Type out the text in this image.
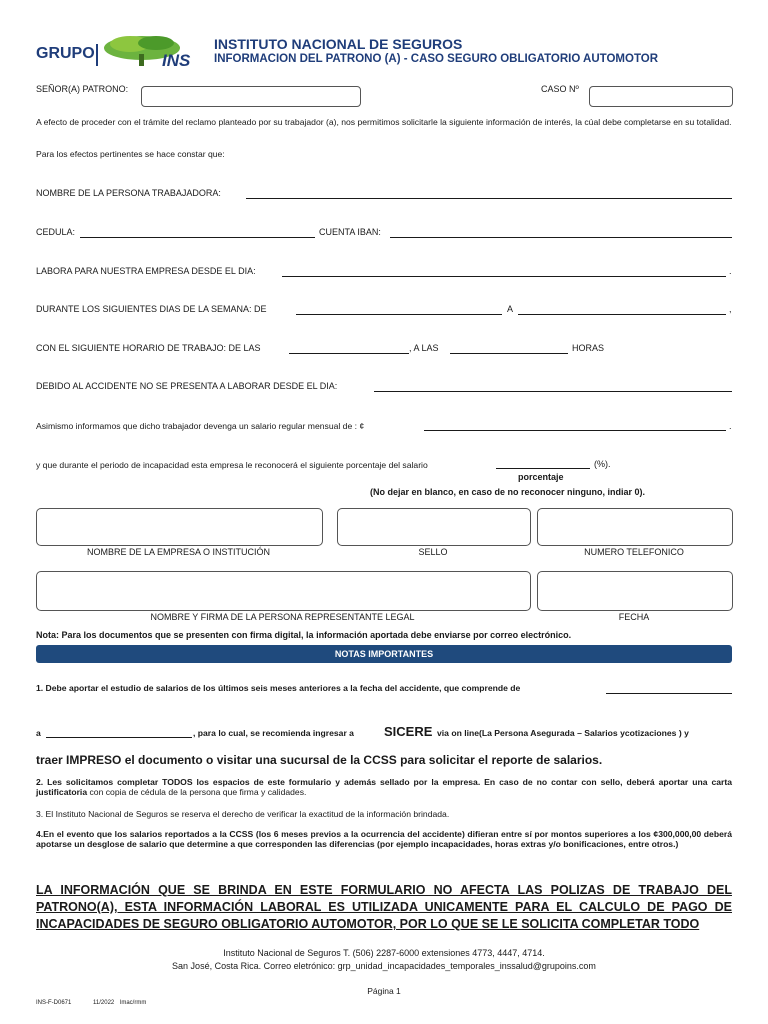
GRUPO	INS
INSTITUTO NACIONAL DE SEGUROS
INFORMACION DEL PATRONO (A) - CASO SEGURO OBLIGATORIO AUTOMOTOR
SEÑOR(A) PATRONO:	CASO Nº
A efecto de proceder con el trámite del reclamo planteado por su trabajador (a), nos permitimos solicitarle la siguiente información de interés, la cúal debe completarse en su totalidad.
Para los efectos pertinentes se hace constar que:
NOMBRE DE LA PERSONA TRABAJADORA:
CEDULA:	CUENTA IBAN:
LABORA PARA NUESTRA EMPRESA DESDE EL DIA:	.
DURANTE LOS SIGUIENTES DIAS DE LA SEMANA: DE	A	,
CON EL SIGUIENTE HORARIO DE TRABAJO: DE LAS	, A LAS	HORAS
DEBIDO AL ACCIDENTE NO SE PRESENTA A LABORAR DESDE EL DIA:
Asimismo informamos que dicho trabajador devenga un salario regular mensual de : ¢	.
y que durante el periodo de incapacidad esta empresa le reconocerá el siguiente porcentaje del salario	(%).
porcentaje
(No dejar en blanco, en caso de no reconocer ninguno, indiar 0).
NOMBRE DE LA EMPRESA O INSTITUCIÓN	SELLO	NUMERO TELEFONICO
NOMBRE Y FIRMA DE LA PERSONA REPRESENTANTE LEGAL	FECHA
Nota: Para los documentos que se presenten con firma digital, la información aportada debe enviarse por correo electrónico.
NOTAS IMPORTANTES
1. Debe aportar el estudio de salarios de los últimos seis meses anteriores a la fecha del accidente, que comprende de
a	, para lo cual, se recomienda ingresar a SICERE via on line(La Persona Asegurada – Salarios ycotizaciones ) y
traer IMPRESO el documento o visitar una sucursal de la CCSS para solicitar el reporte de salarios.
2. Les solicitamos completar TODOS los espacios de este formulario y además sellado por la empresa. En caso de no contar con sello, deberá aportar una carta justificatoria con copia de cédula de la persona que firma y calidades.
3. El Instituto Nacional de Seguros se reserva el derecho de verificar la exactitud de la información brindada.
4.En el evento que los salarios reportados a la CCSS (los 6 meses previos a la ocurrencia del accidente) difieran entre sí por montos superiores a los ¢300,000,00 deberá apotarse un desglose de salario que determine a que corresponden las diferencias (por ejemplo incapacidades, horas extras y/o bonificaciones, entre otros.)
LA INFORMACIÓN QUE SE BRINDA EN ESTE FORMULARIO NO AFECTA LAS POLIZAS DE TRABAJO DEL PATRONO(A), ESTA INFORMACIÓN LABORAL ES UTILIZADA UNICAMENTE PARA EL CALCULO DE PAGO DE INCAPACIDADES DE SEGURO OBLIGATORIO AUTOMOTOR, POR LO QUE SE LE SOLICITA COMPLETAR TODO
Instituto Nacional de Seguros T. (506) 2287-6000 extensiones 4773, 4447, 4714.
San José, Costa Rica. Correo eletrónico: grp_unidad_incapacidades_temporales_inssalud@grupoins.com
Página 1
INS-F-D0671	11/2022 lmac/rmm
